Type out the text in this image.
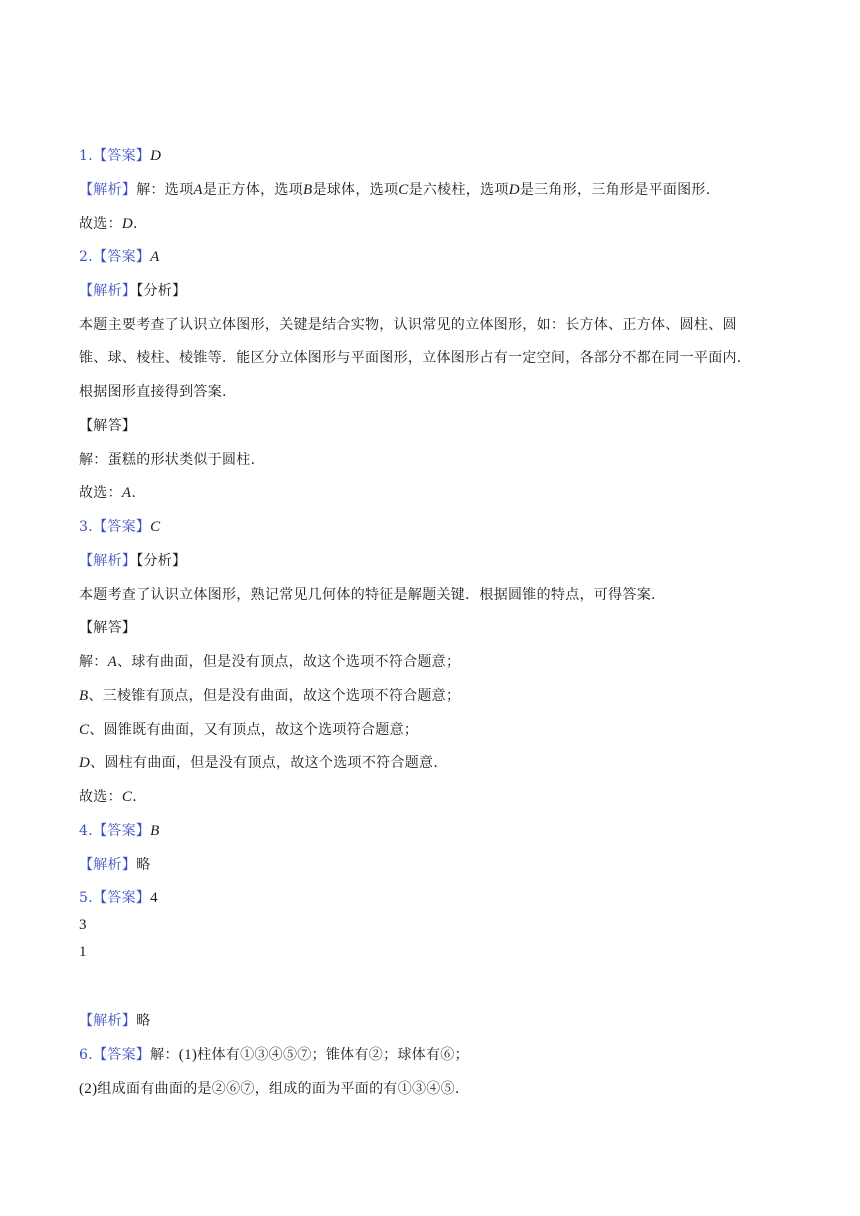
1.【答案】D
【解析】解：选项A是正方体，选项B是球体，选项C是六棱柱，选项D是三角形，三角形是平面图形.
故选：D.
2.【答案】A
【解析】【分析】
本题主要考查了认识立体图形，关键是结合实物，认识常见的立体图形，如：长方体、正方体、圆柱、圆
锥、球、棱柱、棱锥等．能区分立体图形与平面图形，立体图形占有一定空间，各部分不都在同一平面内.
根据图形直接得到答案.
【解答】
解：蛋糕的形状类似于圆柱.
故选：A.
3.【答案】C
【解析】【分析】
本题考查了认识立体图形，熟记常见几何体的特征是解题关键．根据圆锥的特点，可得答案.
【解答】
解：A、球有曲面，但是没有顶点，故这个选项不符合题意；
B、三棱锥有顶点，但是没有曲面，故这个选项不符合题意；
C、圆锥既有曲面，又有顶点，故这个选项符合题意；
D、圆柱有曲面，但是没有顶点，故这个选项不符合题意.
故选：C.
4.【答案】B
【解析】略
5.【答案】4
3
1
【解析】略
6.【答案】解：(1)柱体有①③④⑤⑦；锥体有②；球体有⑥；
(2)组成面有曲面的是②⑥⑦，组成的面为平面的有①③④⑤.
